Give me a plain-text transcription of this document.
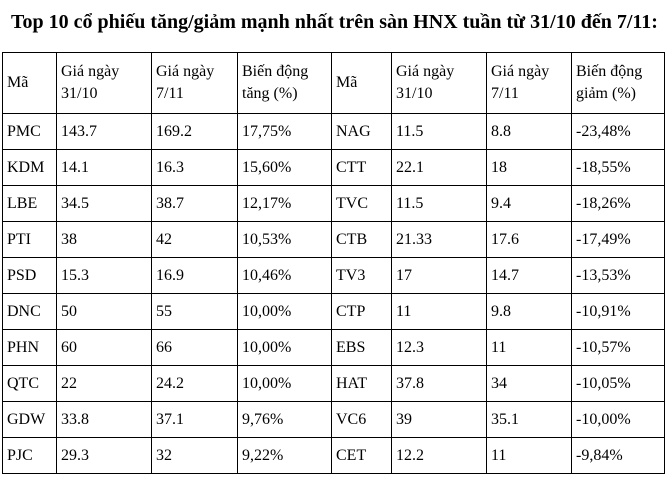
Top 10 cổ phiếu tăng/giảm mạnh nhất trên sàn HNX tuần từ 31/10 đến 7/11:
Mã	Giá ngày 31/10	Giá ngày 7/11	Biến động tăng (%)	Mã	Giá ngày 31/10	Giá ngày 7/11	Biến động giảm (%)
PMC	143.7	169.2	17,75%	NAG	11.5	8.8	-23,48%
KDM	14.1	16.3	15,60%	CTT	22.1	18	-18,55%
LBE	34.5	38.7	12,17%	TVC	11.5	9.4	-18,26%
PTI	38	42	10,53%	CTB	21.33	17.6	-17,49%
PSD	15.3	16.9	10,46%	TV3	17	14.7	-13,53%
DNC	50	55	10,00%	CTP	11	9.8	-10,91%
PHN	60	66	10,00%	EBS	12.3	11	-10,57%
QTC	22	24.2	10,00%	HAT	37.8	34	-10,05%
GDW	33.8	37.1	9,76%	VC6	39	35.1	-10,00%
PJC	29.3	32	9,22%	CET	12.2	11	-9,84%
